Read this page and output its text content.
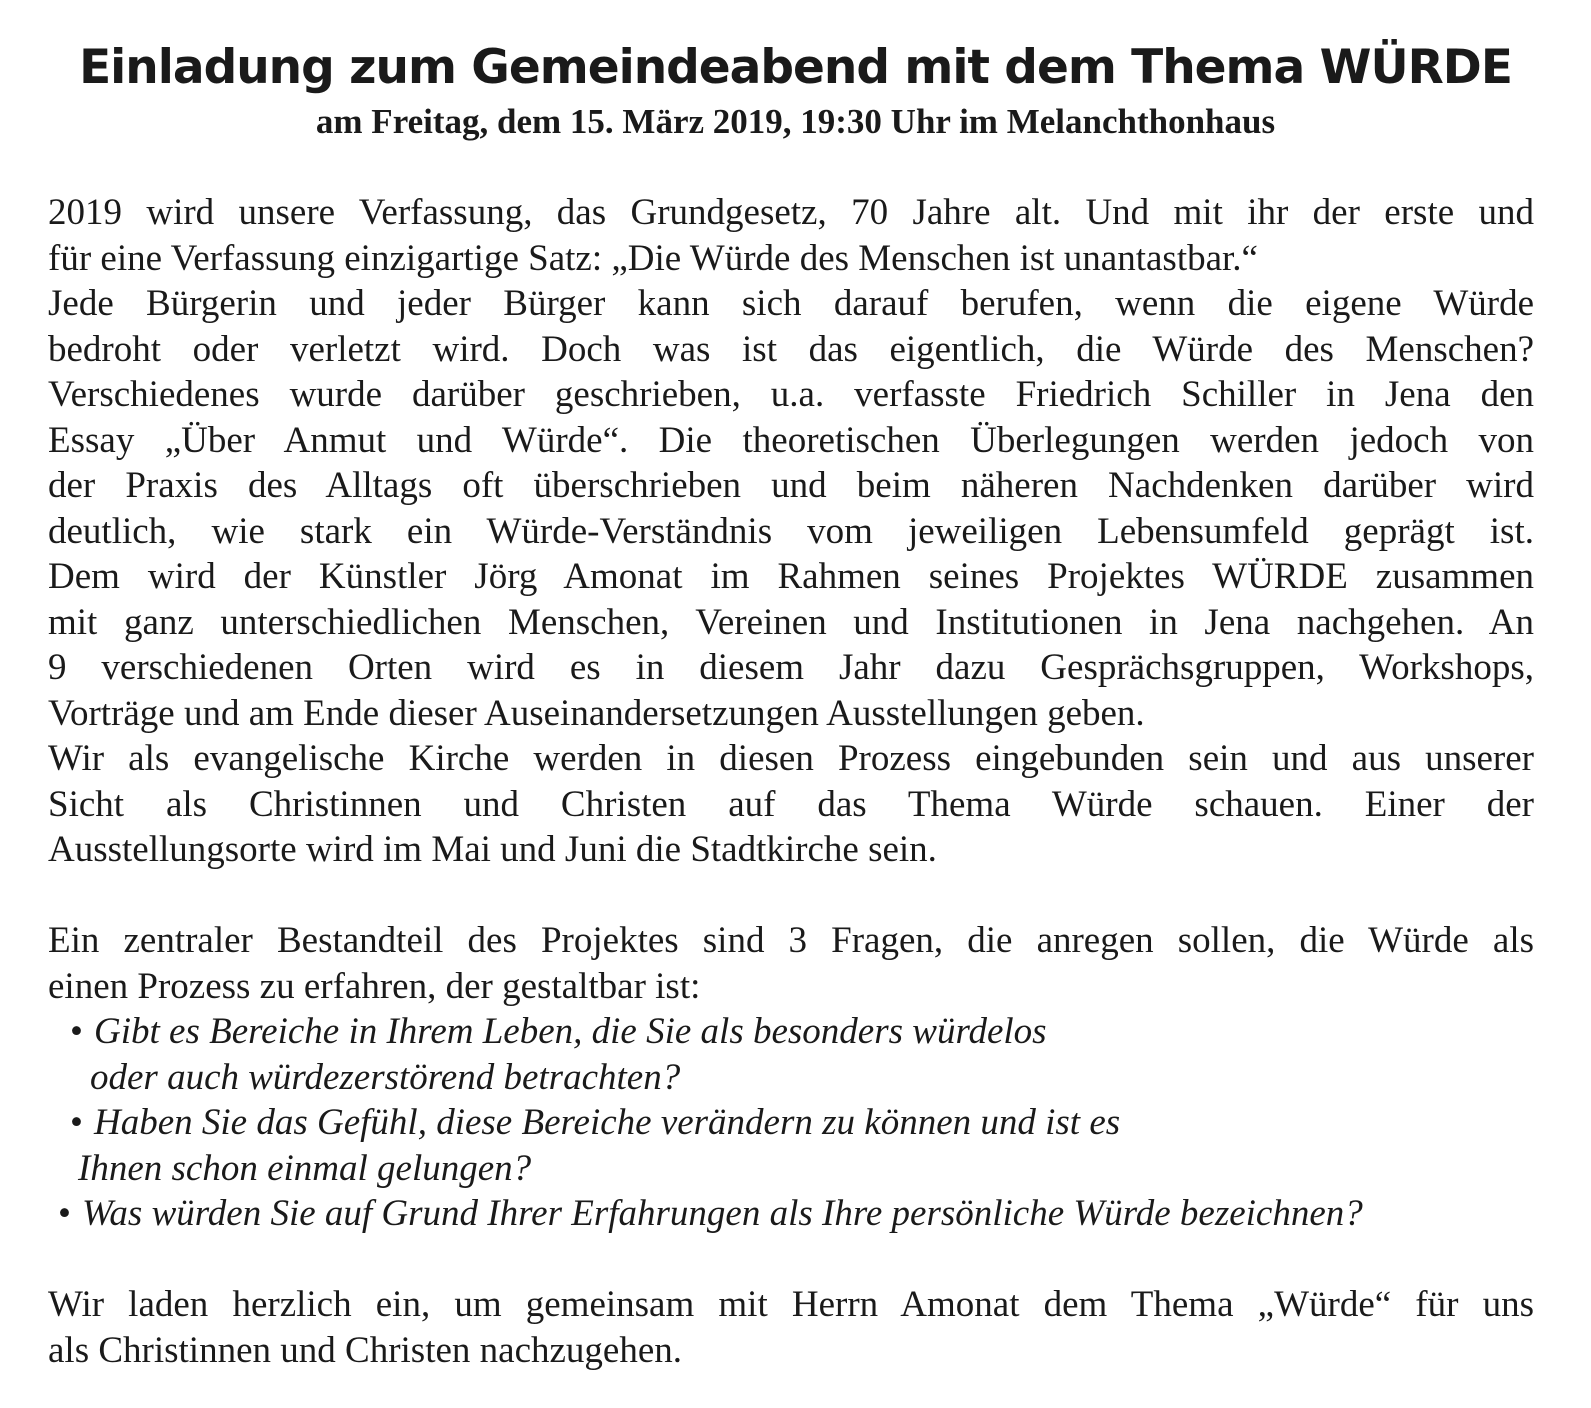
Einladung zum Gemeindeabend mit dem Thema WÜRDE
am Freitag, dem 15. März 2019, 19:30 Uhr im Melanchthonhaus
2019 wird unsere Verfassung, das Grundgesetz, 70 Jahre alt. Und mit ihr der erste und
für eine Verfassung einzigartige Satz: „Die Würde des Menschen ist unantastbar.“
Jede Bürgerin und jeder Bürger kann sich darauf berufen, wenn die eigene Würde
bedroht oder verletzt wird. Doch was ist das eigentlich, die Würde des Menschen?
Verschiedenes wurde darüber geschrieben, u.a. verfasste Friedrich Schiller in Jena den
Essay „Über Anmut und Würde“. Die theoretischen Überlegungen werden jedoch von
der Praxis des Alltags oft überschrieben und beim näheren Nachdenken darüber wird
deutlich, wie stark ein Würde-Verständnis vom jeweiligen Lebensumfeld geprägt ist.
Dem wird der Künstler Jörg Amonat im Rahmen seines Projektes WÜRDE zusammen
mit ganz unterschiedlichen Menschen, Vereinen und Institutionen in Jena nachgehen. An
9 verschiedenen Orten wird es in diesem Jahr dazu Gesprächsgruppen, Workshops,
Vorträge und am Ende dieser Auseinandersetzungen Ausstellungen geben.
Wir als evangelische Kirche werden in diesen Prozess eingebunden sein und aus unserer
Sicht als Christinnen und Christen auf das Thema Würde schauen. Einer der
Ausstellungsorte wird im Mai und Juni die Stadtkirche sein.
Ein zentraler Bestandteil des Projektes sind 3 Fragen, die anregen sollen, die Würde als
einen Prozess zu erfahren, der gestaltbar ist:
• Gibt es Bereiche in Ihrem Leben, die Sie als besonders würdelos
oder auch würdezerstörend betrachten?
• Haben Sie das Gefühl, diese Bereiche verändern zu können und ist es
Ihnen schon einmal gelungen?
• Was würden Sie auf Grund Ihrer Erfahrungen als Ihre persönliche Würde bezeichnen?
Wir laden herzlich ein, um gemeinsam mit Herrn Amonat dem Thema „Würde“ für uns
als Christinnen und Christen nachzugehen.
